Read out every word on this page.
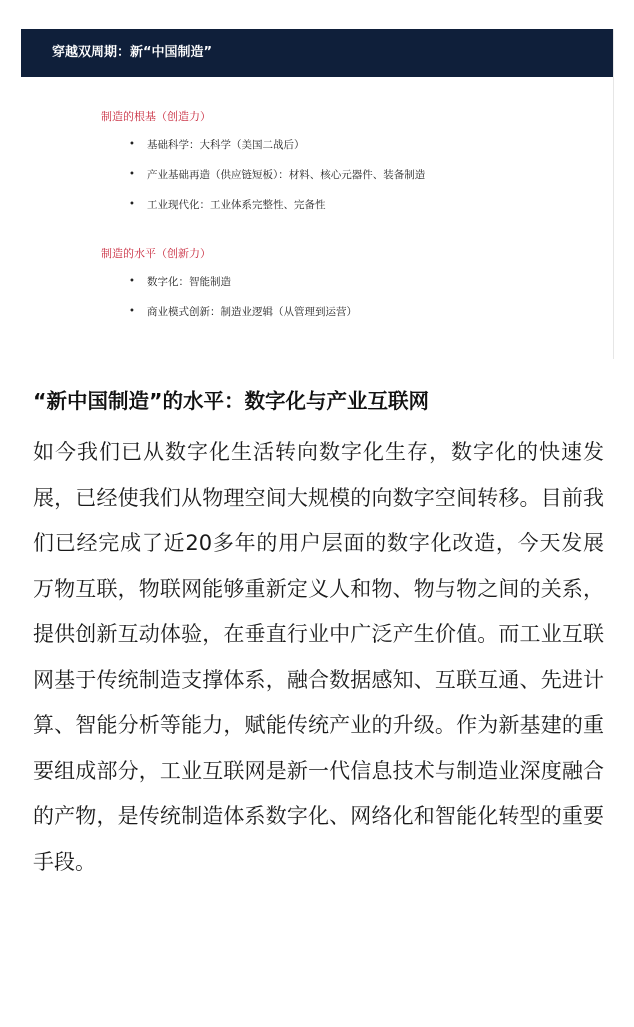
穿越双周期：新“中国制造”
制造的根基（创造力）
• 基础科学：大科学（美国二战后）
• 产业基础再造（供应链短板）：材料、核心元器件、装备制造
• 工业现代化：工业体系完整性、完备性
制造的水平（创新力）
• 数字化：智能制造
• 商业模式创新：制造业逻辑（从管理到运营）
“新中国制造”的水平：数字化与产业互联网

如今我们已从数字化生活转向数字化生存，数字化的快速发展，已经使我们从物理空间大规模的向数字空间转移。目前我们已经完成了近20多年的用户层面的数字化改造，今天发展万物互联，物联网能够重新定义人和物、物与物之间的关系，提供创新互动体验，在垂直行业中广泛产生价值。而工业互联网基于传统制造支撑体系，融合数据感知、互联互通、先进计算、智能分析等能力，赋能传统产业的升级。作为新基建的重要组成部分，工业互联网是新一代信息技术与制造业深度融合的产物，是传统制造体系数字化、网络化和智能化转型的重要手段。
